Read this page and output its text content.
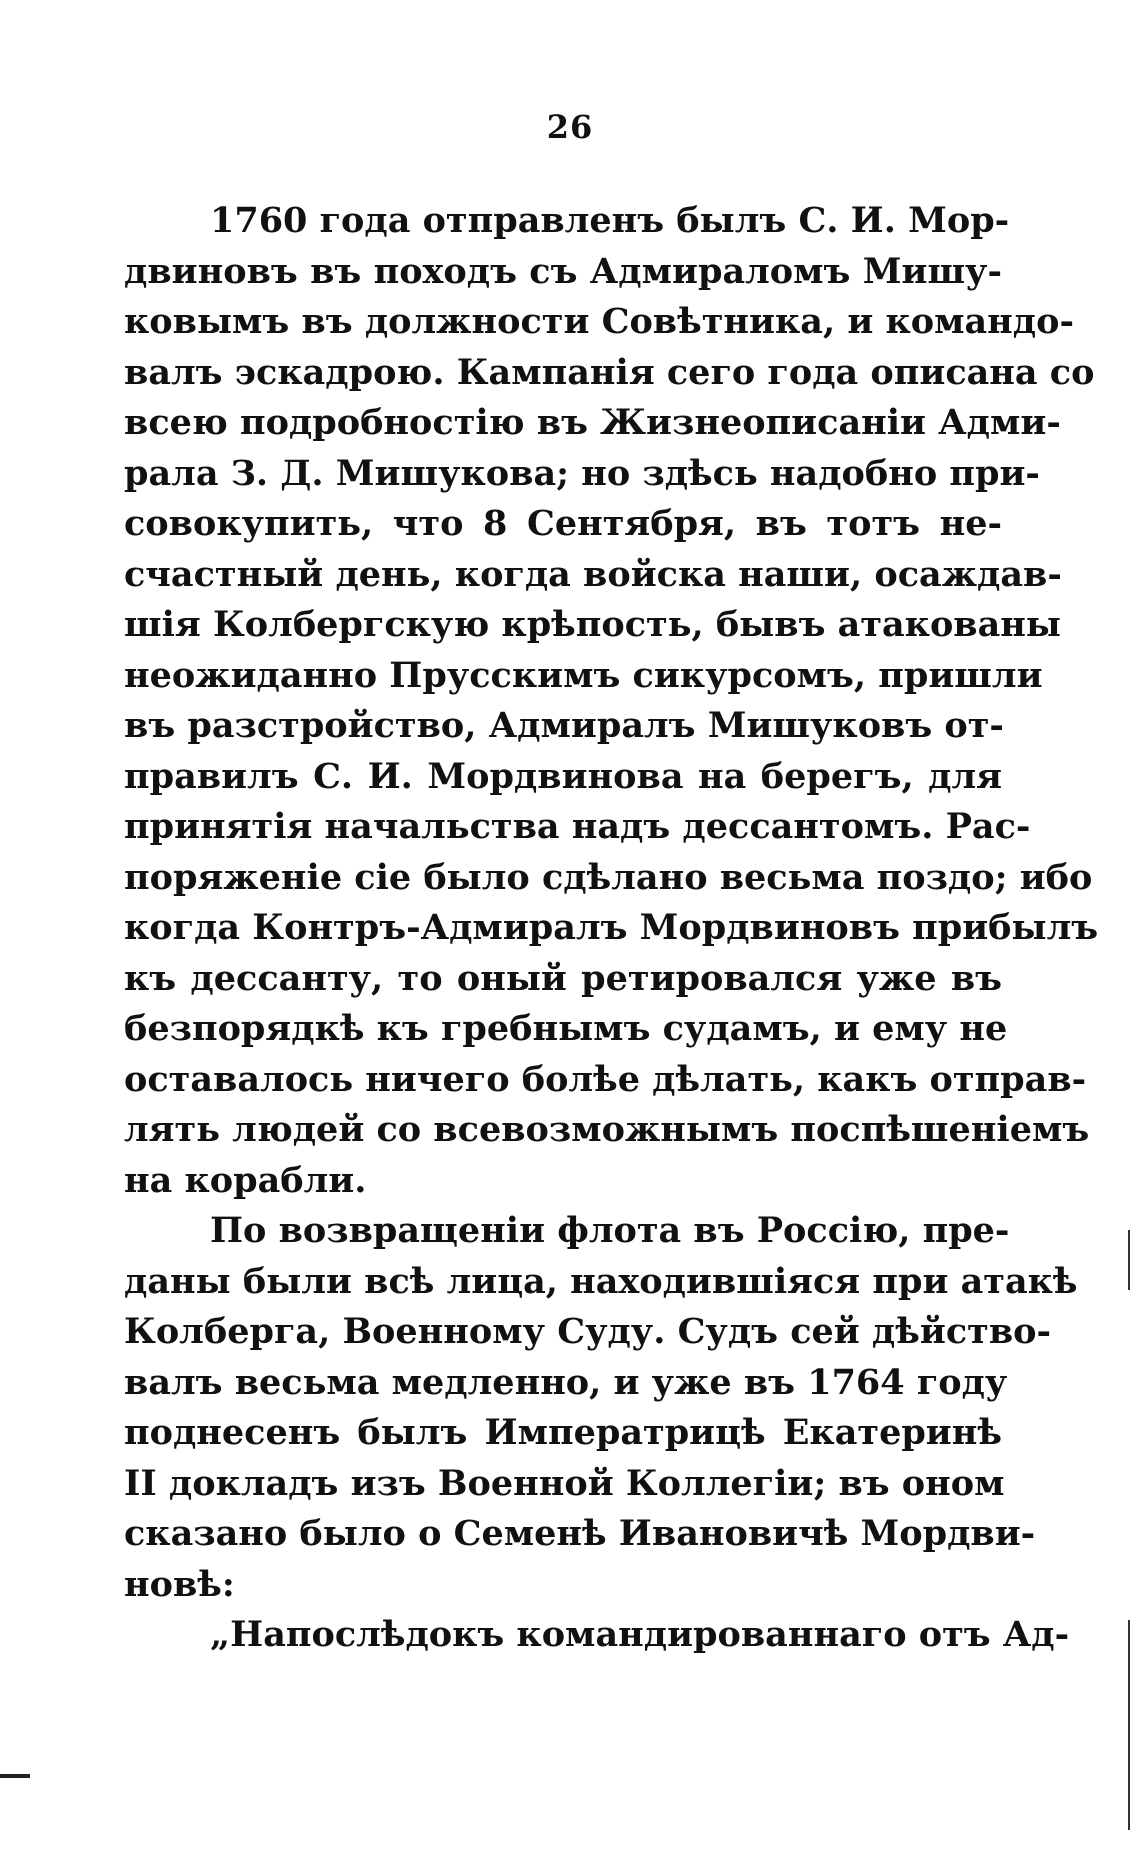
26
1760 года отправленъ былъ С. И. Мор-
двиновъ въ походъ съ Адмираломъ Мишу-
ковымъ въ должности Совѣтника, и командо-
валъ эскадрою. Кампанія сего года описана со
всею подробностію въ Жизнеописаніи Адми-
рала З. Д. Мишукова; но здѣсь надобно при-
совокупить, что 8 Сентября, въ тотъ не-
счастный день, когда войска наши, осаждав-
шія Колбергскую крѣпость, бывъ атакованы
неожиданно Прусскимъ сикурсомъ, пришли
въ разстройство, Адмиралъ Мишуковъ от-
правилъ С. И. Мордвинова на берегъ, для
принятія начальства надъ дессантомъ. Рас-
поряженіе сіе было сдѣлано весьма поздо; ибо
когда Контръ-Адмиралъ Мордвиновъ прибылъ
къ дессанту, то оный ретировался уже въ
безпорядкѣ къ гребнымъ судамъ, и ему не
оставалось ничего болѣе дѣлать, какъ отправ-
лять людей со всевозможнымъ поспѣшеніемъ
на корабли.
По возвращеніи флота въ Россію, пре-
даны были всѣ лица, находившіяся при атакѣ
Колберга, Военному Суду. Судъ сей дѣйство-
валъ весьма медленно, и уже въ 1764 году
поднесенъ былъ Императрицѣ Екатеринѣ
II докладъ изъ Военной Коллегіи; въ оном
сказано было о Семенѣ Ивановичѣ Мордви-
новѣ:
„Напослѣдокъ командированнаго отъ Ад-
